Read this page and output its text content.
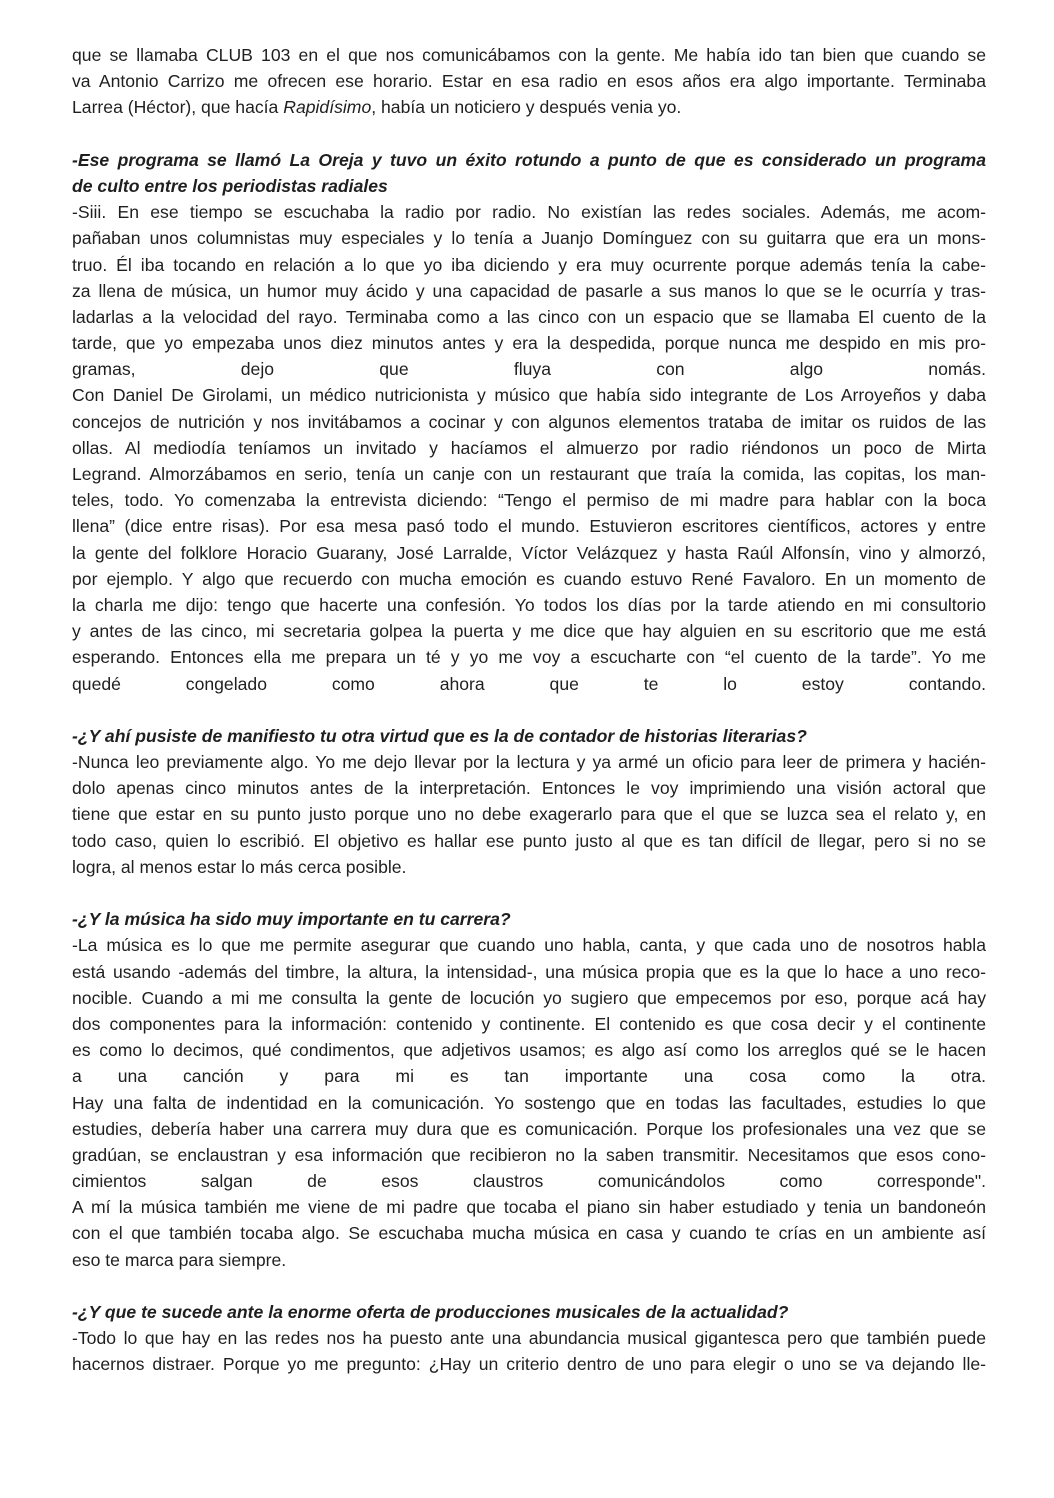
que se llamaba CLUB 103 en el que nos comunicábamos con la gente. Me había ido tan bien que cuando se
va Antonio Carrizo me ofrecen ese horario. Estar en esa radio en esos años era algo importante. Terminaba
Larrea (Héctor), que hacía Rapidísimo, había un noticiero y después venia yo.
-Ese programa se llamó La Oreja y tuvo un éxito rotundo a punto de que es considerado un programa
de culto entre los periodistas radiales
-Siii. En ese tiempo se escuchaba la radio por radio. No existían las redes sociales. Además, me acom-
pañaban unos columnistas muy especiales y lo tenía a Juanjo Domínguez con su guitarra que era un mons-
truo. Él iba tocando en relación a lo que yo iba diciendo y era muy ocurrente porque además tenía la cabe-
za llena de música, un humor muy ácido y una capacidad de pasarle a sus manos lo que se le ocurría y tras-
ladarlas a la velocidad del rayo. Terminaba como a las cinco con un espacio que se llamaba El cuento de la
tarde, que yo empezaba unos diez minutos antes y era la despedida, porque nunca me despido en mis pro-
gramas, dejo que fluya con algo nomás.
Con Daniel De Girolami, un médico nutricionista y músico que había sido integrante de Los Arroyeños y daba
concejos de nutrición y nos invitábamos a cocinar y con algunos elementos trataba de imitar os ruidos de las
ollas. Al mediodía teníamos un invitado y hacíamos el almuerzo por radio riéndonos un poco de Mirta
Legrand. Almorzábamos en serio, tenía un canje con un restaurant que traía la comida, las copitas, los man-
teles, todo. Yo comenzaba la entrevista diciendo: “Tengo el permiso de mi madre para hablar con la boca
llena” (dice entre risas). Por esa mesa pasó todo el mundo. Estuvieron escritores científicos, actores y entre
la gente del folklore Horacio Guarany, José Larralde, Víctor Velázquez y hasta Raúl Alfonsín, vino y almorzó,
por ejemplo. Y algo que recuerdo con mucha emoción es cuando estuvo René Favaloro. En un momento de
la charla me dijo: tengo que hacerte una confesión. Yo todos los días por la tarde atiendo en mi consultorio
y antes de las cinco, mi secretaria golpea la puerta y me dice que hay alguien en su escritorio que me está
esperando. Entonces ella me prepara un té y yo me voy a escucharte con “el cuento de la tarde”. Yo me
quedé congelado como ahora que te lo estoy contando.
-¿Y ahí pusiste de manifiesto tu otra virtud que es la de contador de historias literarias?
-Nunca leo previamente algo. Yo me dejo llevar por la lectura y ya armé un oficio para leer de primera y hacién-
dolo apenas cinco minutos antes de la interpretación. Entonces le voy imprimiendo una visión actoral que
tiene que estar en su punto justo porque uno no debe exagerarlo para que el que se luzca sea el relato y, en
todo caso, quien lo escribió. El objetivo es hallar ese punto justo al que es tan difícil de llegar, pero si no se
logra, al menos estar lo más cerca posible.
-¿Y la música ha sido muy importante en tu carrera?
-La música es lo que me permite asegurar que cuando uno habla, canta, y que cada uno de nosotros habla
está usando -además del timbre, la altura, la intensidad-, una música propia que es la que lo hace a uno reco-
nocible. Cuando a mi me consulta la gente de locución yo sugiero que empecemos por eso, porque acá hay
dos componentes para la información: contenido y continente. El contenido es que cosa decir y el continente
es como lo decimos, qué condimentos, que adjetivos usamos; es algo así como los arreglos qué se le hacen
a una canción y para mi es tan importante una cosa como la otra.
Hay una falta de indentidad en la comunicación. Yo sostengo que en todas las facultades, estudies lo que
estudies, debería haber una carrera muy dura que es comunicación. Porque los profesionales una vez que se
gradúan, se enclaustran y esa información que recibieron no la saben transmitir. Necesitamos que esos cono-
cimientos salgan de esos claustros comunicándolos como corresponde".
A mí la música también me viene de mi padre que tocaba el piano sin haber estudiado y tenia un bandoneón
con el que también tocaba algo. Se escuchaba mucha música en casa y cuando te crías en un ambiente así
eso te marca para siempre.
-¿Y que te sucede ante la enorme oferta de producciones musicales de la actualidad?
-Todo lo que hay en las redes nos ha puesto ante una abundancia musical gigantesca pero que también puede
hacernos distraer. Porque yo me pregunto: ¿Hay un criterio dentro de uno para elegir o uno se va dejando lle-
